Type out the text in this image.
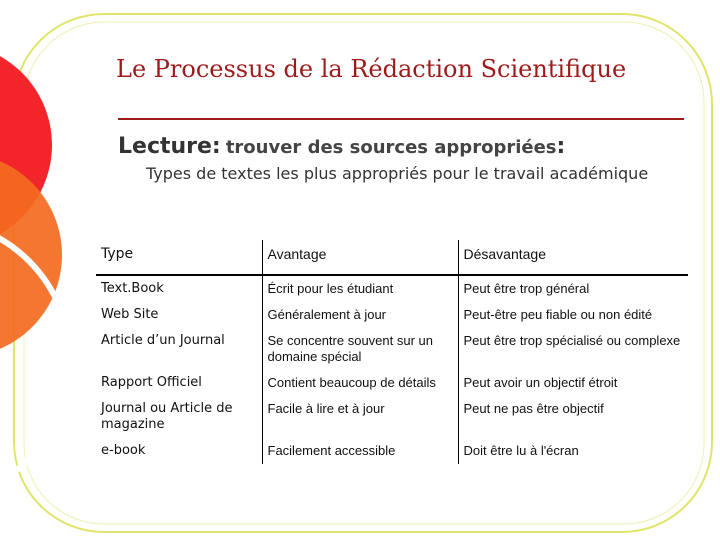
Le Processus de la Rédaction Scientifique
Lecture: trouver des sources appropriées:
Types de textes les plus appropriés pour le travail académique
Type	Avantage	Désavantage
Text.Book	Écrit pour les étudiant	Peut être trop général
Web Site	Généralement à jour	Peut-être peu fiable ou non édité
Article d’un Journal	Se concentre souvent sur un domaine spécial	Peut être trop spécialisé ou complexe
Rapport Officiel	Contient beaucoup de détails	Peut avoir un objectif étroit
Journal ou Article de magazine	Facile à lire et à jour	Peut ne pas être objectif
e-book	Facilement accessible	Doit être lu à l'écran
